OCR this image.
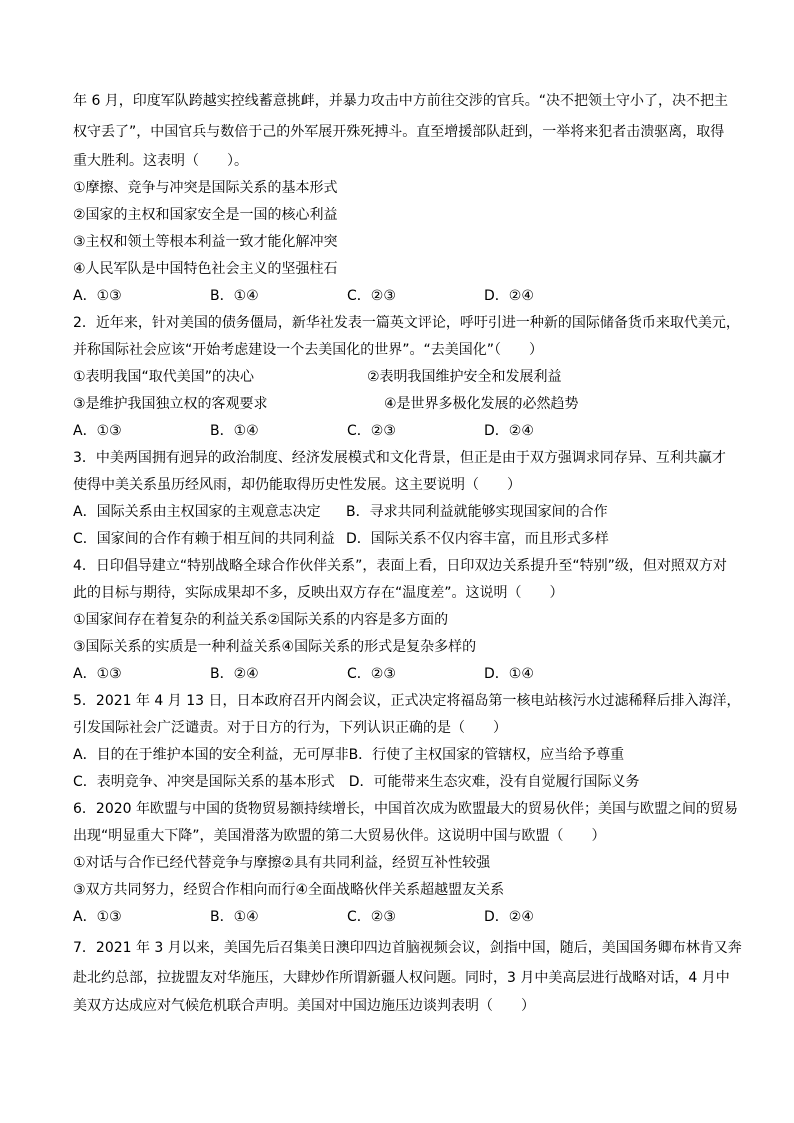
年 6 月，印度军队跨越实控线蓄意挑衅，并暴力攻击中方前往交涉的官兵。“决不把领土守小了，决不把主
权守丢了”，中国官兵与数倍于己的外军展开殊死搏斗。直至增援部队赶到，一举将来犯者击溃驱离，取得
重大胜利。这表明（　　）。
①摩擦、竞争与冲突是国际关系的基本形式
②国家的主权和国家安全是一国的核心利益
③主权和领土等根本利益一致才能化解冲突
④人民军队是中国特色社会主义的坚强柱石
A．①③	B．①④	C．②③	D．②④
2．近年来，针对美国的债务僵局，新华社发表一篇英文评论，呼吁引进一种新的国际储备货币来取代美元，
并称国际社会应该“开始考虑建设一个去美国化的世界”。“去美国化”（　　）
①表明我国“取代美国”的决心	②表明我国维护安全和发展利益
③是维护我国独立权的客观要求	④是世界多极化发展的必然趋势
A．①③	B．①④	C．②③	D．②④
3．中美两国拥有迥异的政治制度、经济发展模式和文化背景，但正是由于双方强调求同存异、互利共赢才
使得中美关系虽历经风雨，却仍能取得历史性发展。这主要说明（　　）
A．国际关系由主权国家的主观意志决定 B．寻求共同利益就能够实现国家间的合作
C．国家间的合作有赖于相互间的共同利益 D．国际关系不仅内容丰富，而且形式多样
4．日印倡导建立“特别战略全球合作伙伴关系”，表面上看，日印双边关系提升至“特别”级，但对照双方对
此的目标与期待，实际成果却不多，反映出双方存在“温度差”。这说明（　　）
①国家间存在着复杂的利益关系②国际关系的内容是多方面的
③国际关系的实质是一种利益关系④国际关系的形式是复杂多样的
A．①③	B．②④	C．②③	D．①④
5．2021 年 4 月 13 日，日本政府召开内阁会议，正式决定将福岛第一核电站核污水过滤稀释后排入海洋，
引发国际社会广泛谴责。对于日方的行为，下列认识正确的是（　　）
A．目的在于维护本国的安全利益，无可厚非B．行使了主权国家的管辖权，应当给予尊重
C．表明竞争、冲突是国际关系的基本形式　D．可能带来生态灾难，没有自觉履行国际义务
6．2020 年欧盟与中国的货物贸易额持续增长，中国首次成为欧盟最大的贸易伙伴；美国与欧盟之间的贸易
出现“明显重大下降”，美国滑落为欧盟的第二大贸易伙伴。这说明中国与欧盟（　　）
①对话与合作已经代替竞争与摩擦②具有共同利益，经贸互补性较强
③双方共同努力，经贸合作相向而行④全面战略伙伴关系超越盟友关系
A．①③	B．①④	C．②③	D．②④
7．2021 年 3 月以来，美国先后召集美日澳印四边首脑视频会议，剑指中国，随后，美国国务卿布林肯又奔
赴北约总部，拉拢盟友对华施压，大肆炒作所谓新疆人权问题。同时，3 月中美高层进行战略对话，4 月中
美双方达成应对气候危机联合声明。美国对中国边施压边谈判表明（　　）
